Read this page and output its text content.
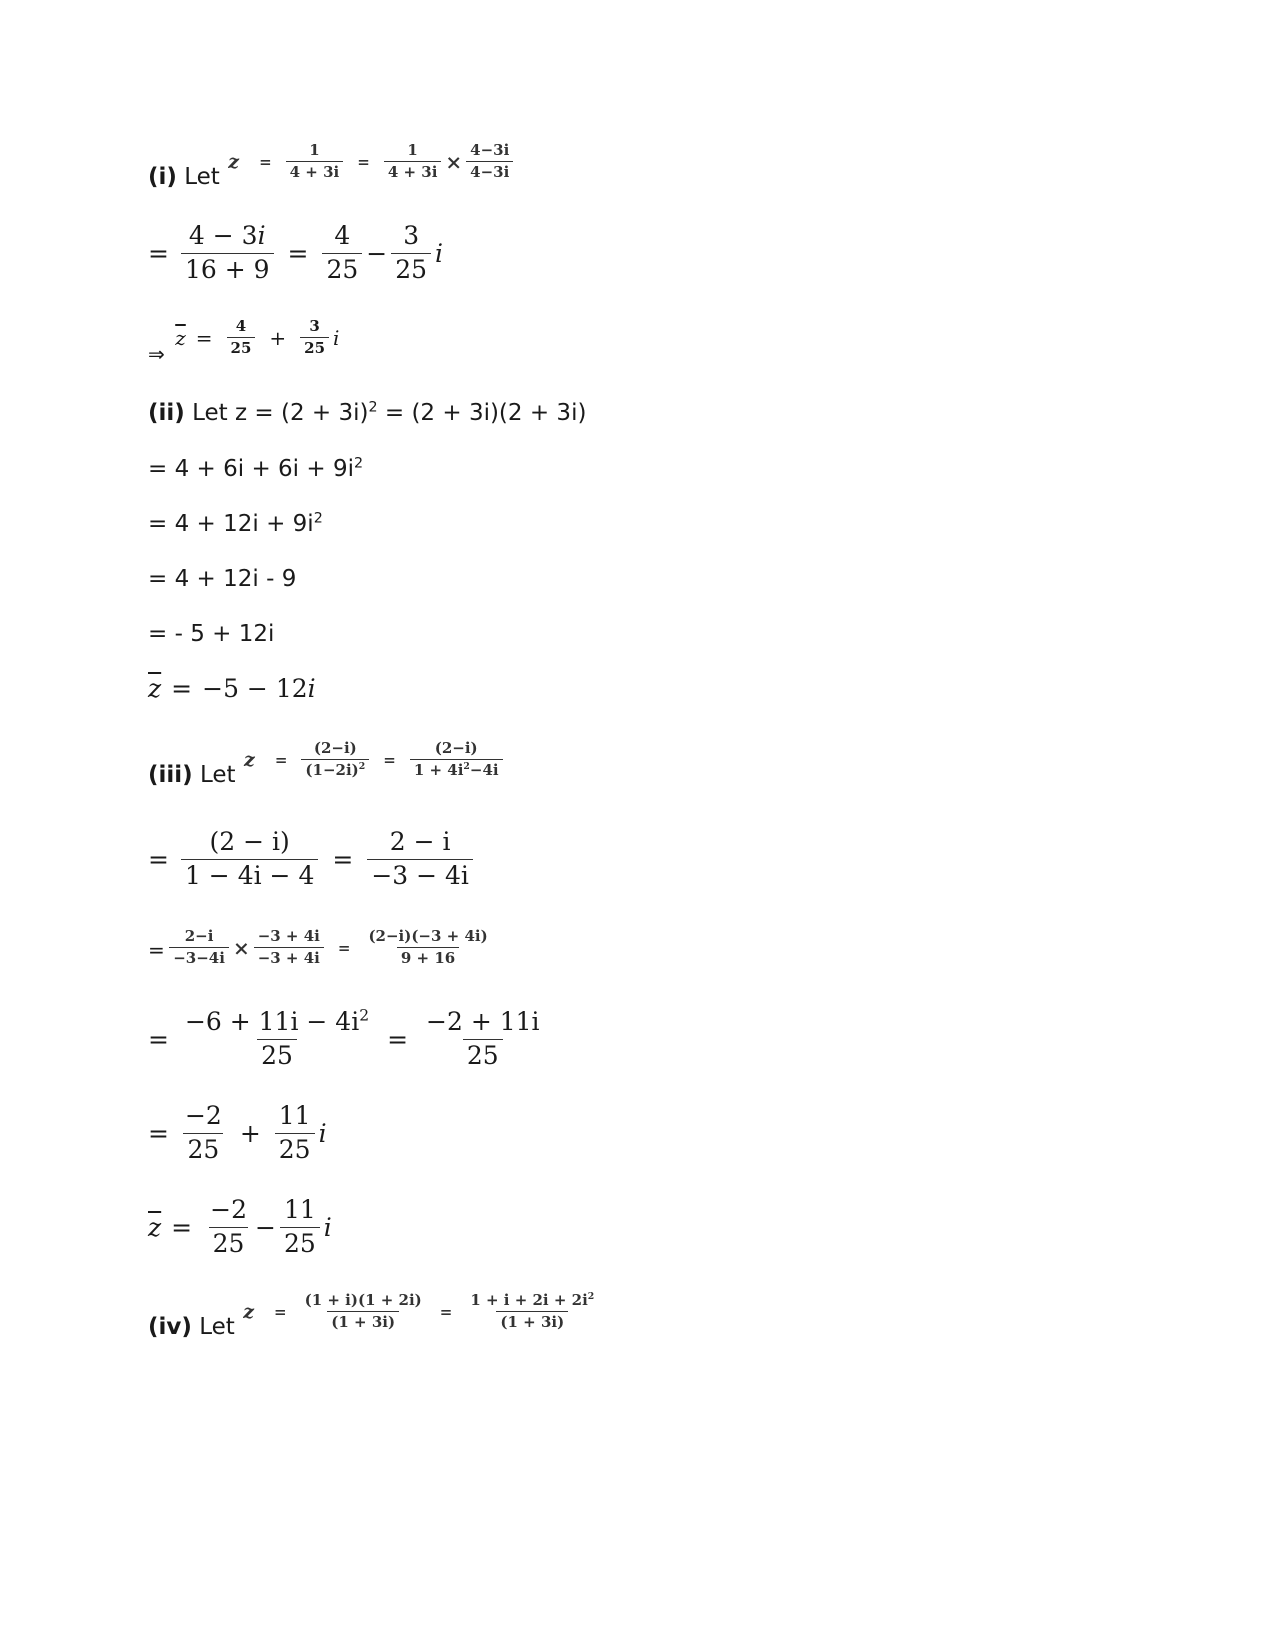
(i) Let
$z = \frac{1}{4 + 3i} = \frac{1}{4 + 3i} \times \frac{4-3i}{4-3i}$
= $\frac{4 - 3i}{16 + 9} = \frac{4}{25} - \frac{3}{25}$ i
⇒
$\overline{z} = \frac{4}{25} + \frac{3}{25}$ i
(ii) Let $z = (2 + 3i)^2 = (2 + 3i)(2 + 3i)$
= $4 + 6i + 6i + 9i^2$
= $4 + 12i + 9i^2$
= 4 + 12i - 9
= - 5 + 12i
$\overline{z} = -5 - 12$ i
(iii) Let
$z = \frac{(2-i)}{(1-2i)^2} = \frac{(2-i)}{1 + 4i^2-4i}$
= $\frac{(2 - i)}{1 - 4i - 4} = \frac{2 - i}{-3 - 4i}$
= $\frac{2-i}{-3-4i} \times \frac{-3 + 4i}{-3 + 4i} = \frac{(2-i)(-3 + 4i)}{9 + 16}$
= $\frac{-6 + 11i - 4i^2}{25} = \frac{-2 + 11i}{25}$
= $\frac{-2}{25} + \frac{11}{25}$ i
$\overline{z} = \frac{-2}{25} - \frac{11}{25}$ i
(iv) Let
$z = \frac{(1 + i)(1 + 2i)}{(1 + 3i)} = \frac{1 + i + 2i + 2i^2}{(1 + 3i)}$
